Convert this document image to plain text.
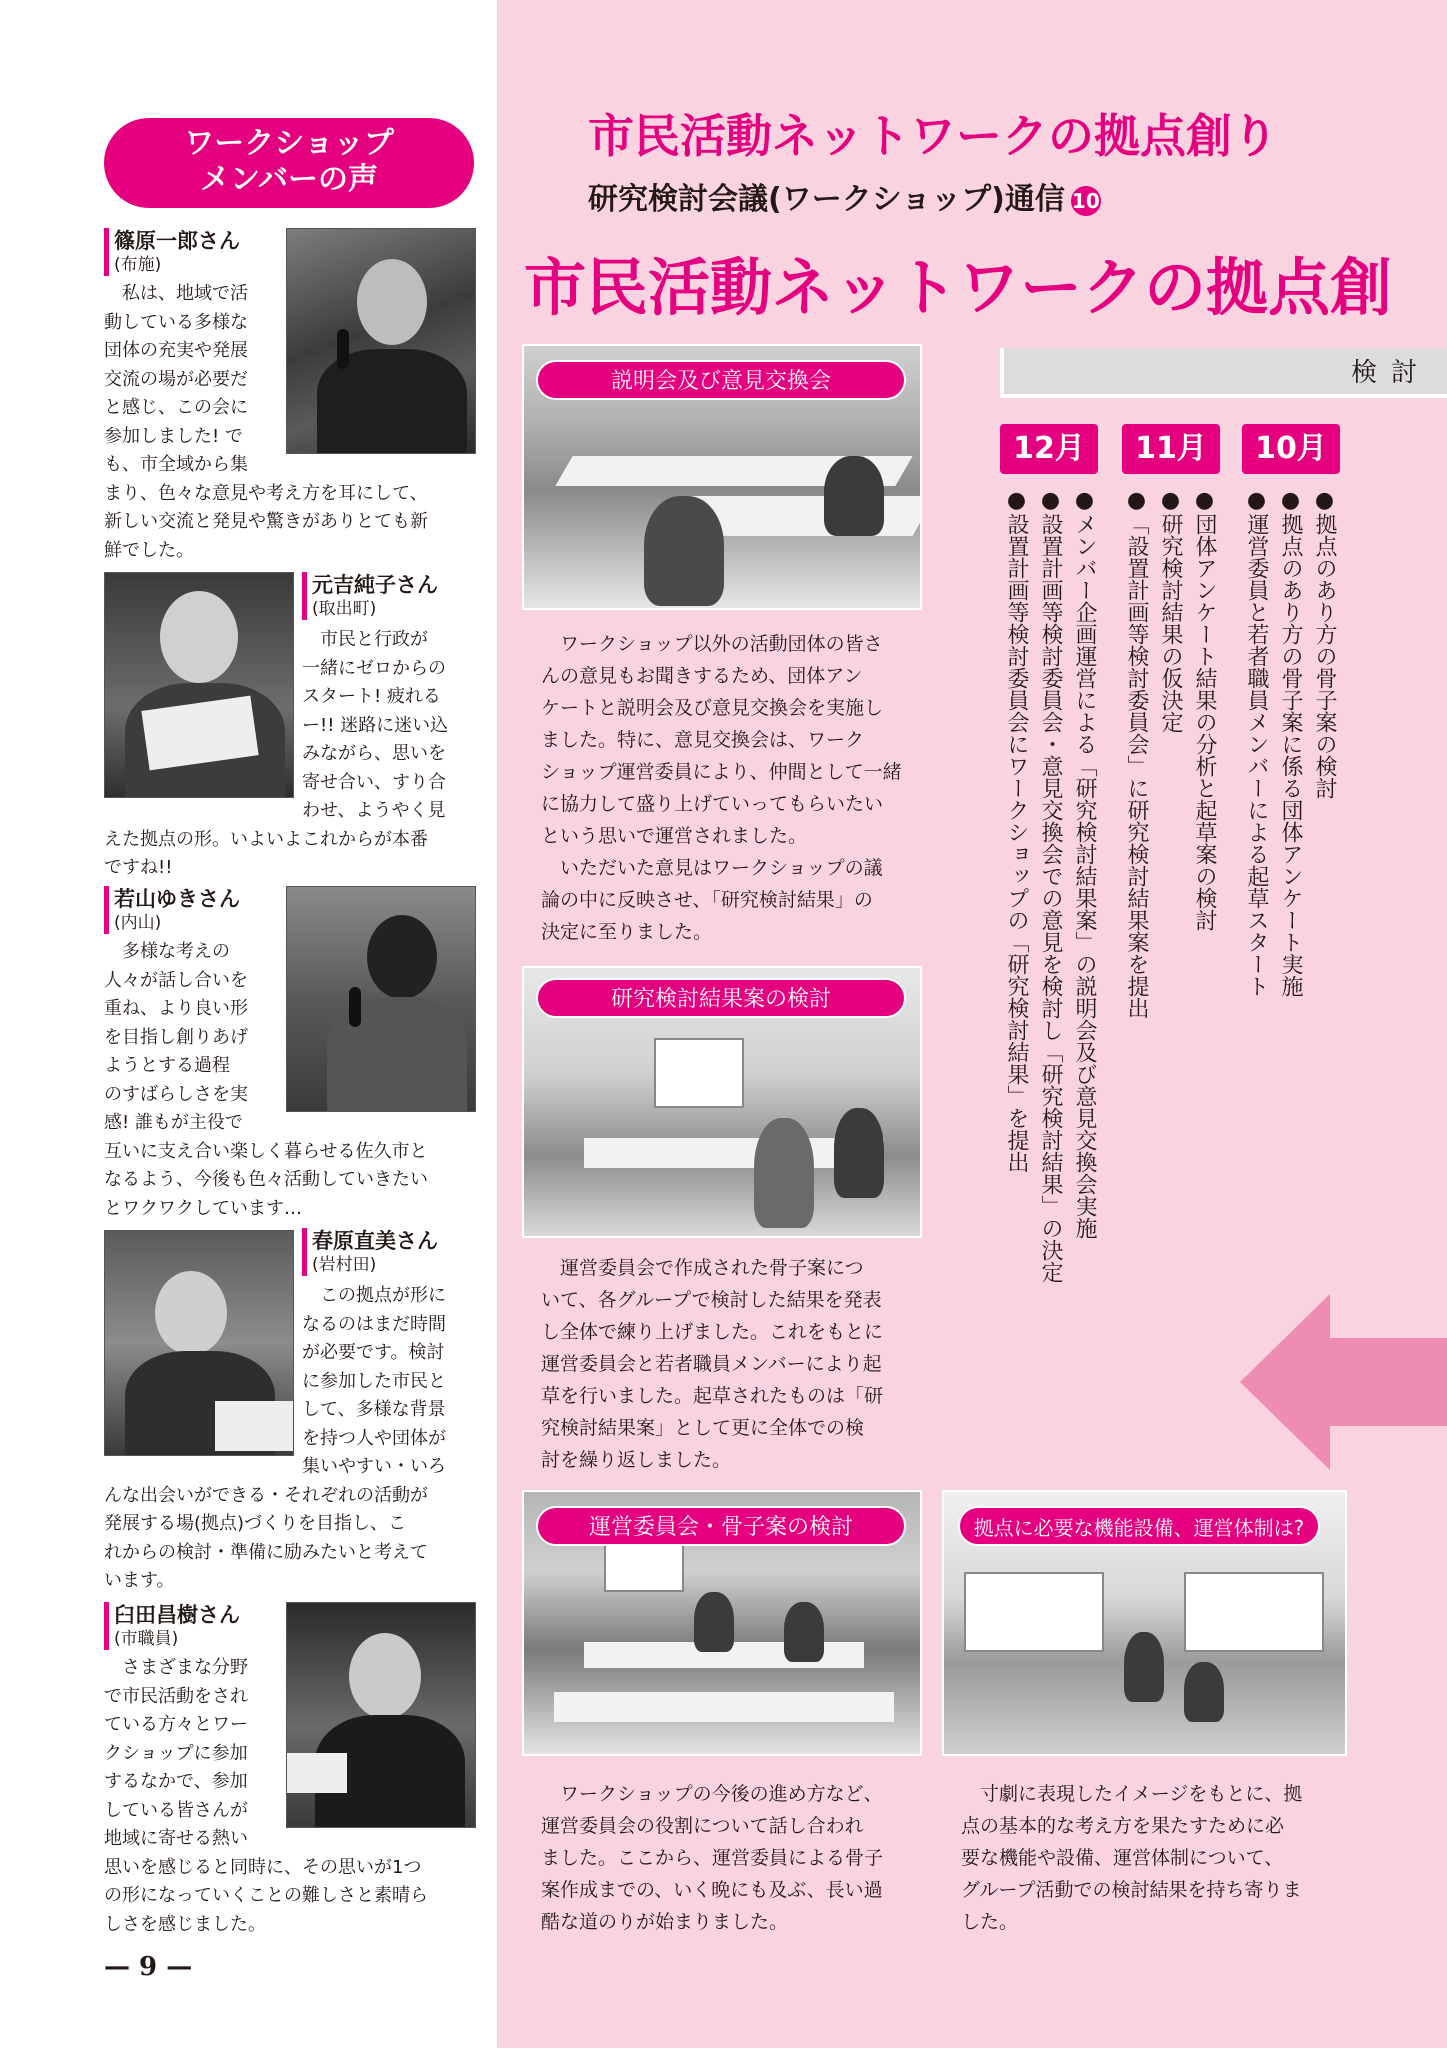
ワークショップ
メンバーの声
篠原一郎さん
(布施)
私は、地域で活
動している多様な
団体の充実や発展
交流の場が必要だ
と感じ、この会に
参加しました! で
も、市全域から集
まり、色々な意見や考え方を耳にして、
新しい交流と発見や驚きがありとても新
鮮でした。
元吉純子さん
(取出町)
市民と行政が
一緒にゼロからの
スタート! 疲れる
ー!! 迷路に迷い込
みながら、思いを
寄せ合い、すり合
わせ、ようやく見
えた拠点の形。いよいよこれからが本番
ですね!!
若山ゆきさん
(内山)
多様な考えの
人々が話し合いを
重ね、より良い形
を目指し創りあげ
ようとする過程
のすばらしさを実
感! 誰もが主役で
互いに支え合い楽しく暮らせる佐久市と
なるよう、今後も色々活動していきたい
とワクワクしています…
春原直美さん
(岩村田)
この拠点が形に
なるのはまだ時間
が必要です。検討
に参加した市民と
して、多様な背景
を持つ人や団体が
集いやすい・いろ
んな出会いができる・それぞれの活動が
発展する場(拠点)づくりを目指し、こ
れからの検討・準備に励みたいと考えて
います。
臼田昌樹さん
(市職員)
さまざまな分野
で市民活動をされ
ている方々とワー
クショップに参加
するなかで、参加
している皆さんが
地域に寄せる熱い
思いを感じると同時に、その思いが1つ
の形になっていくことの難しさと素晴ら
しさを感じました。
— 9 —
市民活動ネットワークの拠点創り
研究検討会議(ワークショップ)通信 10
市民活動ネットワークの拠点創
検討
12月	11月	10月
●拠点のあり方の骨子案の検討
●拠点のあり方の骨子案に係る団体アンケート実施
●運営委員と若者職員メンバーによる起草スタート
●団体アンケート結果の分析と起草案の検討
●研究検討結果の仮決定
●「設置計画等検討委員会」に研究検討結果案を提出
●メンバー企画運営による「研究検討結果案」の説明会及び意見交換会実施
●設置計画等検討委員会・意見交換会での意見を検討し「研究検討結果」の決定
●設置計画等検討委員会にワークショップの「研究検討結果」を提出
説明会及び意見交換会
ワークショップ以外の活動団体の皆さ
んの意見もお聞きするため、団体アン
ケートと説明会及び意見交換会を実施し
ました。特に、意見交換会は、ワーク
ショップ運営委員により、仲間として一緒
に協力して盛り上げていってもらいたい
という思いで運営されました。
いただいた意見はワークショップの議
論の中に反映させ、「研究検討結果」の
決定に至りました。
研究検討結果案の検討
運営委員会で作成された骨子案につ
いて、各グループで検討した結果を発表
し全体で練り上げました。これをもとに
運営委員会と若者職員メンバーにより起
草を行いました。起草されたものは「研
究検討結果案」として更に全体での検
討を繰り返しました。
運営委員会・骨子案の検討
ワークショップの今後の進め方など、
運営委員会の役割について話し合われ
ました。ここから、運営委員による骨子
案作成までの、いく晩にも及ぶ、長い過
酷な道のりが始まりました。
拠点に必要な機能設備、運営体制は?
寸劇に表現したイメージをもとに、拠
点の基本的な考え方を果たすために必
要な機能や設備、運営体制について、
グループ活動での検討結果を持ち寄りま
した。
